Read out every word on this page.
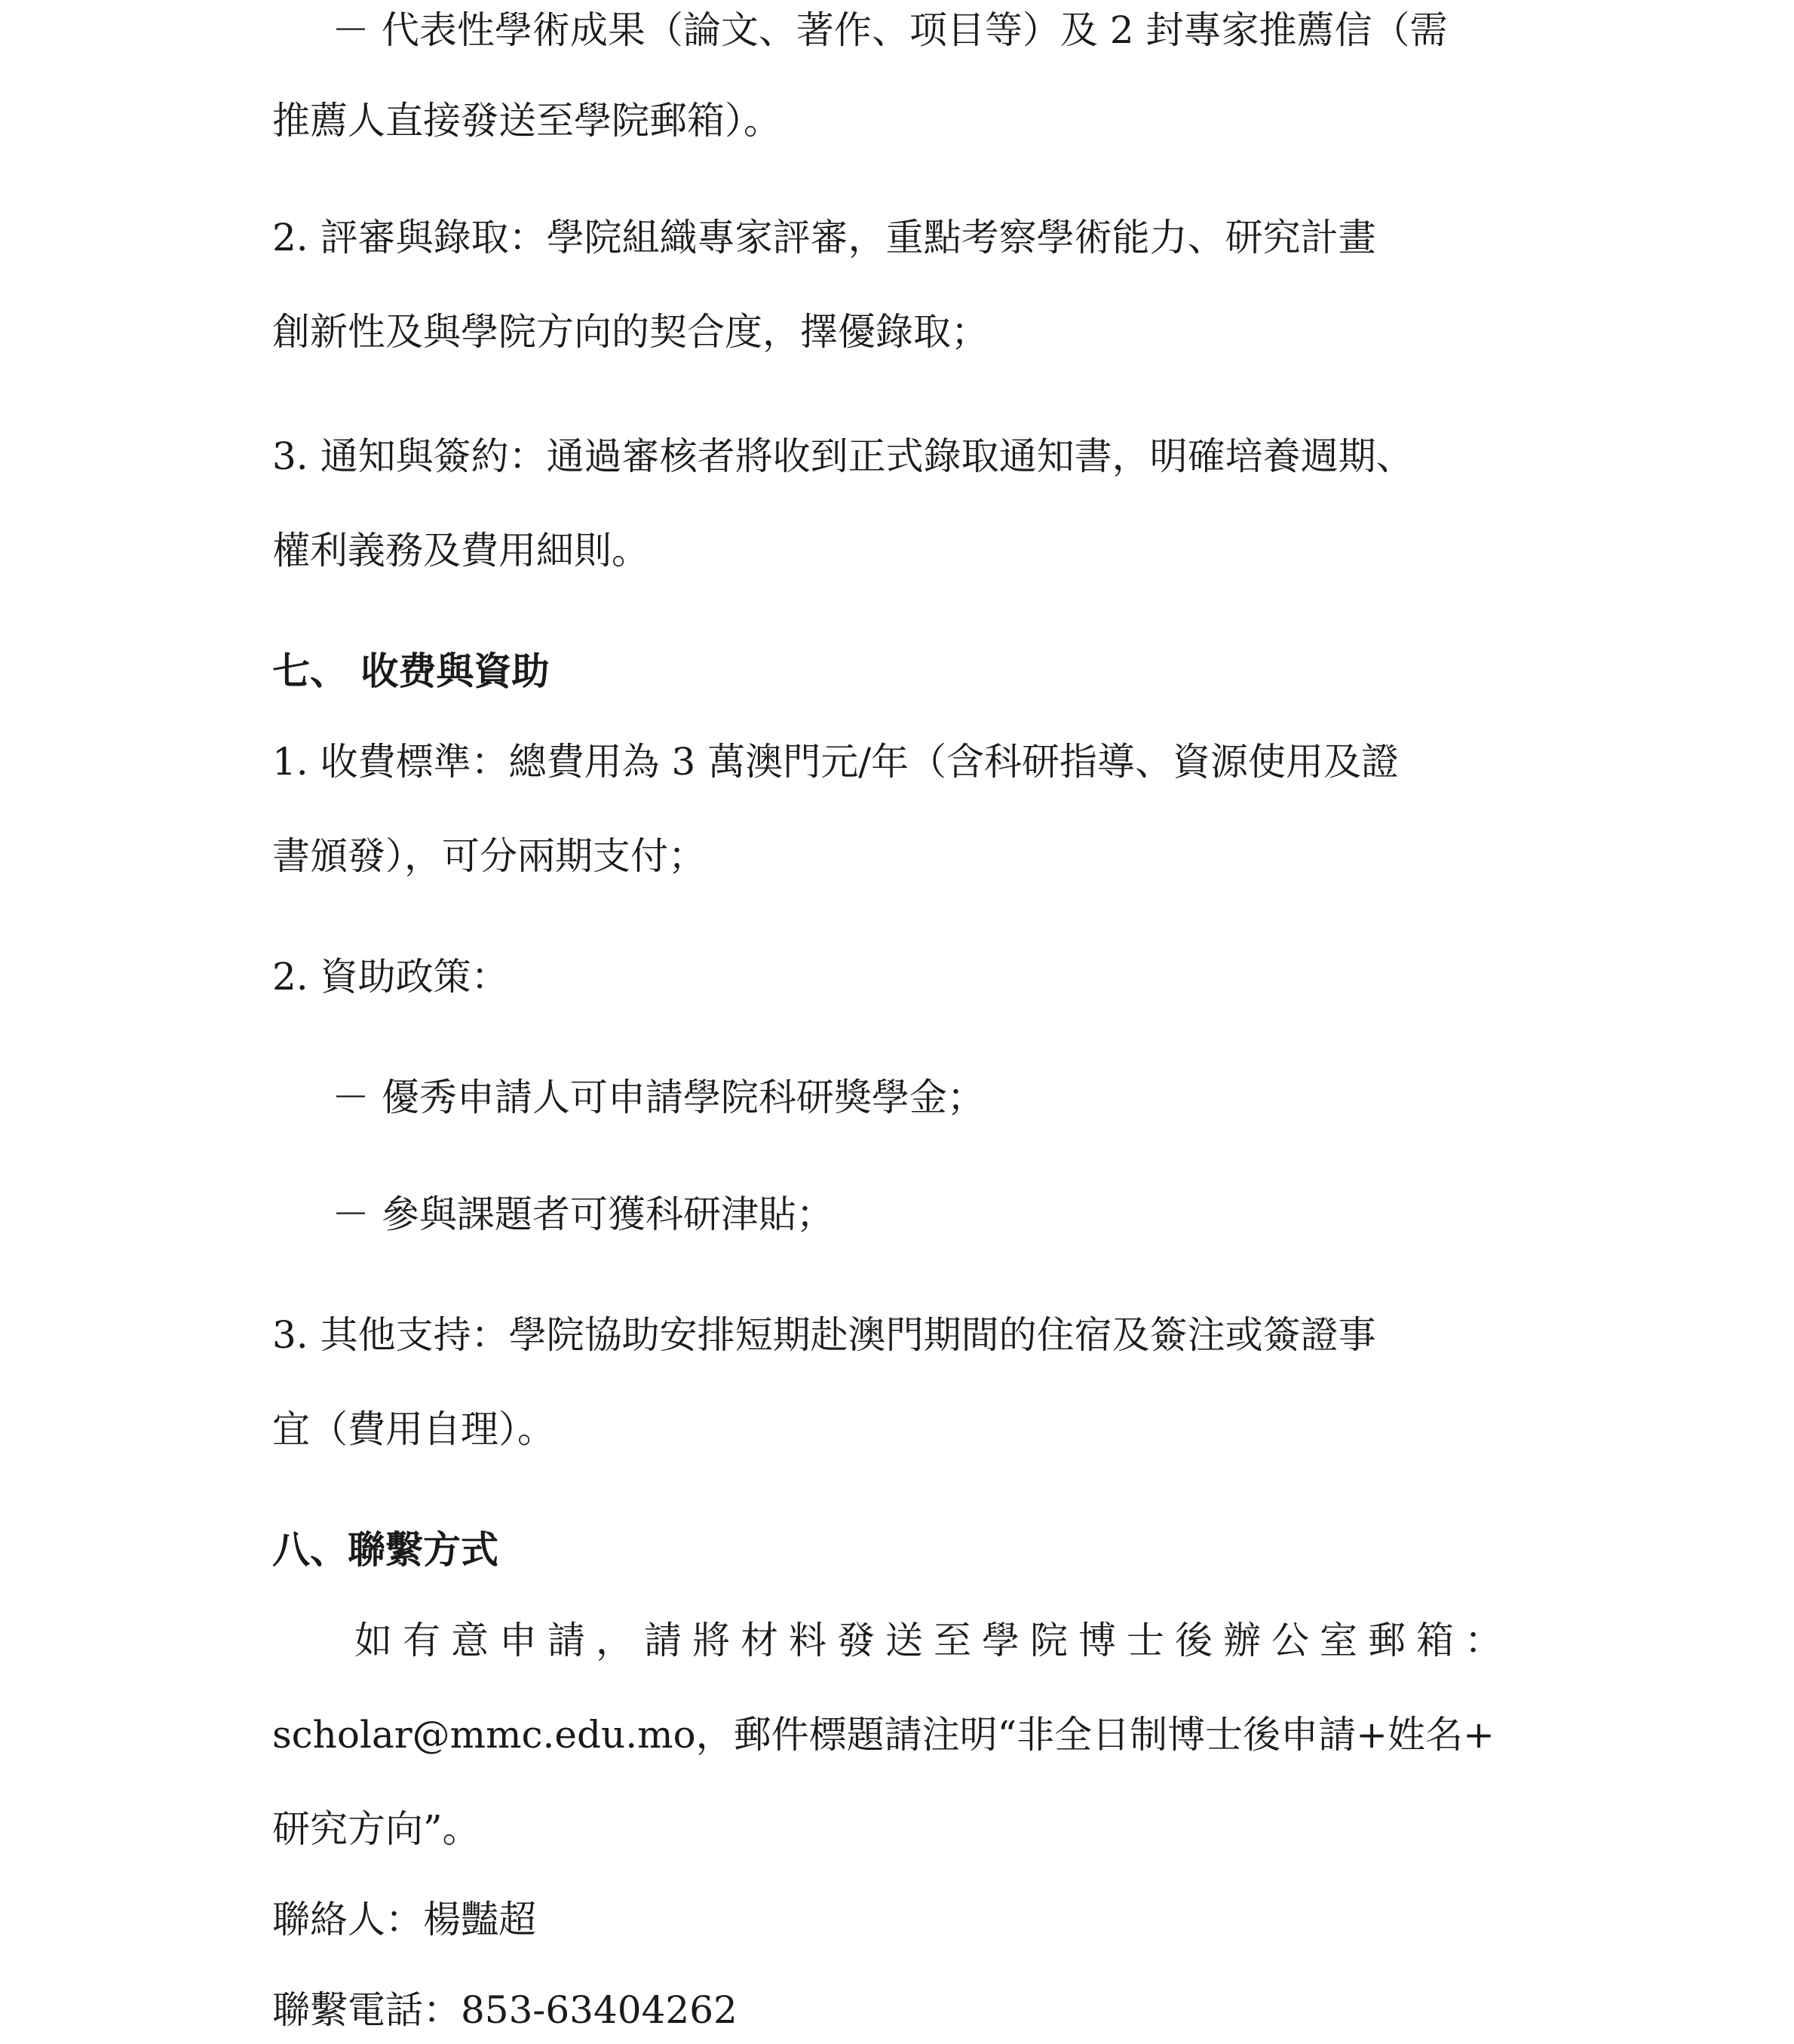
－ 代表性學術成果（論文、著作、项目等）及 2 封專家推薦信（需
推薦人直接發送至學院郵箱）。
2. 評審與錄取：學院組織專家評審，重點考察學術能力、研究計畫
創新性及與學院方向的契合度，擇優錄取；
3. 通知與簽約：通過審核者將收到正式錄取通知書，明確培養週期、
權利義務及費用細則。
七、 收费與資助
1. 收費標準：總費用為 3 萬澳門元/年（含科研指導、資源使用及證
書頒發），可分兩期支付；
2. 資助政策：
－ 優秀申請人可申請學院科研獎學金；
－ 參與課題者可獲科研津貼；
3. 其他支持：學院協助安排短期赴澳門期間的住宿及簽注或簽證事
宜（費用自理）。
八、聯繫方式
如有意申請，請將材料發送至學院博士後辦公室郵箱：
scholar@mmc.edu.mo，郵件標題請注明“非全日制博士後申請+姓名+
研究方向”。
聯絡人：楊豔超
聯繫電話：853-63404262
